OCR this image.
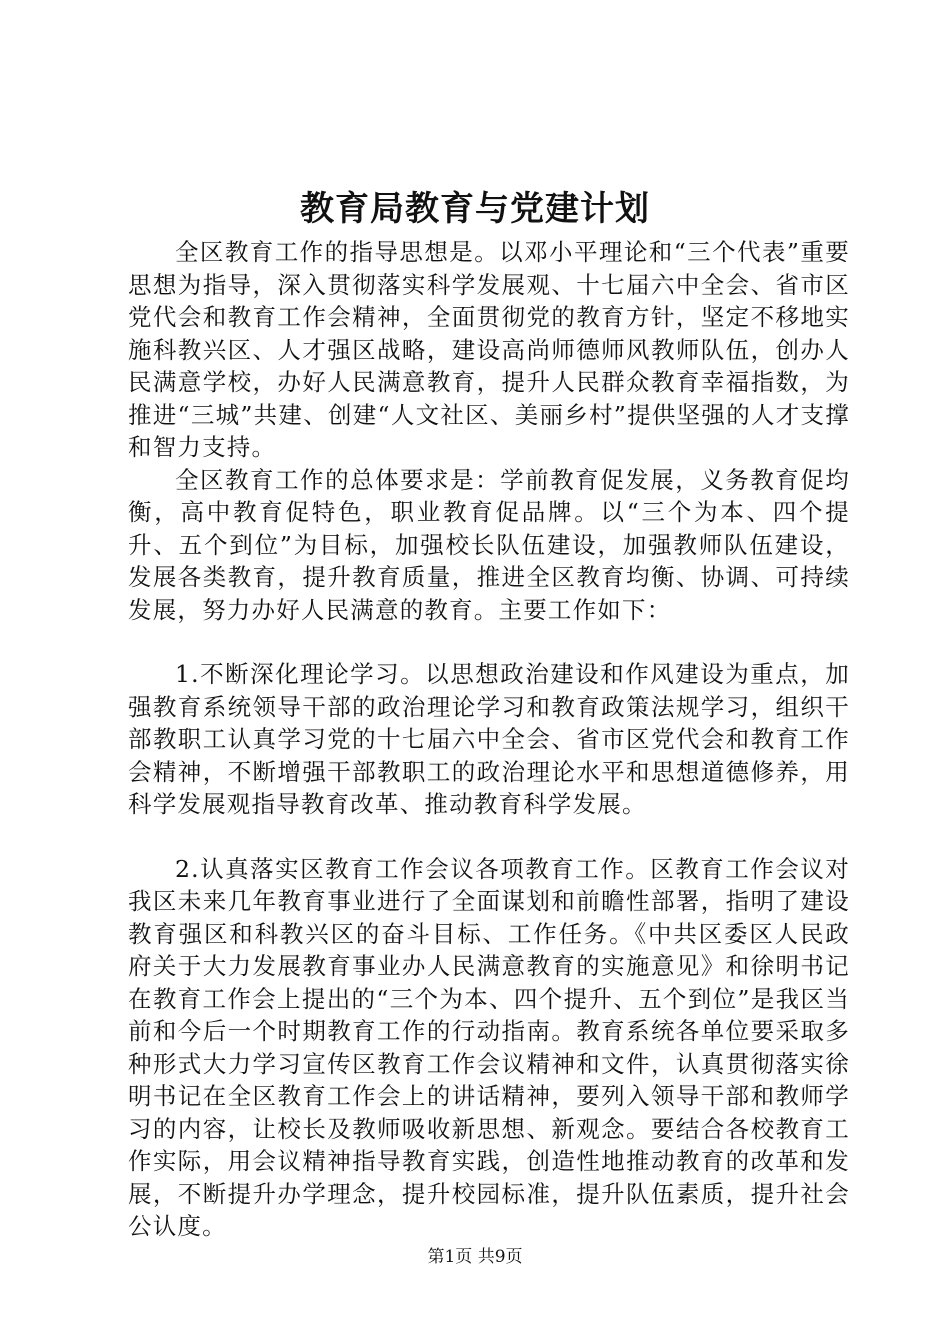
教育局教育与党建计划

全区教育工作的指导思想是。以邓小平理论和“三个代表”重要思想为指导，深入贯彻落实科学发展观、十七届六中全会、省市区党代会和教育工作会精神，全面贯彻党的教育方针，坚定不移地实施科教兴区、人才强区战略，建设高尚师德师风教师队伍，创办人民满意学校，办好人民满意教育，提升人民群众教育幸福指数，为推进“三城”共建、创建“人文社区、美丽乡村”提供坚强的人才支撑和智力支持。

全区教育工作的总体要求是：学前教育促发展，义务教育促均衡，高中教育促特色，职业教育促品牌。以“三个为本、四个提升、五个到位”为目标，加强校长队伍建设，加强教师队伍建设，发展各类教育，提升教育质量，推进全区教育均衡、协调、可持续发展，努力办好人民满意的教育。主要工作如下：

1.不断深化理论学习。以思想政治建设和作风建设为重点，加强教育系统领导干部的政治理论学习和教育政策法规学习，组织干部教职工认真学习党的十七届六中全会、省市区党代会和教育工作会精神，不断增强干部教职工的政治理论水平和思想道德修养，用科学发展观指导教育改革、推动教育科学发展。

2.认真落实区教育工作会议各项教育工作。区教育工作会议对我区未来几年教育事业进行了全面谋划和前瞻性部署，指明了建设教育强区和科教兴区的奋斗目标、工作任务。《中共区委区人民政府关于大力发展教育事业办人民满意教育的实施意见》和徐明书记在教育工作会上提出的“三个为本、四个提升、五个到位”是我区当前和今后一个时期教育工作的行动指南。教育系统各单位要采取多种形式大力学习宣传区教育工作会议精神和文件，认真贯彻落实徐明书记在全区教育工作会上的讲话精神，要列入领导干部和教师学习的内容，让校长及教师吸收新思想、新观念。要结合各校教育工作实际，用会议精神指导教育实践，创造性地推动教育的改革和发展，不断提升办学理念，提升校园标准，提升队伍素质，提升社会公认度。

第1页 共9页
